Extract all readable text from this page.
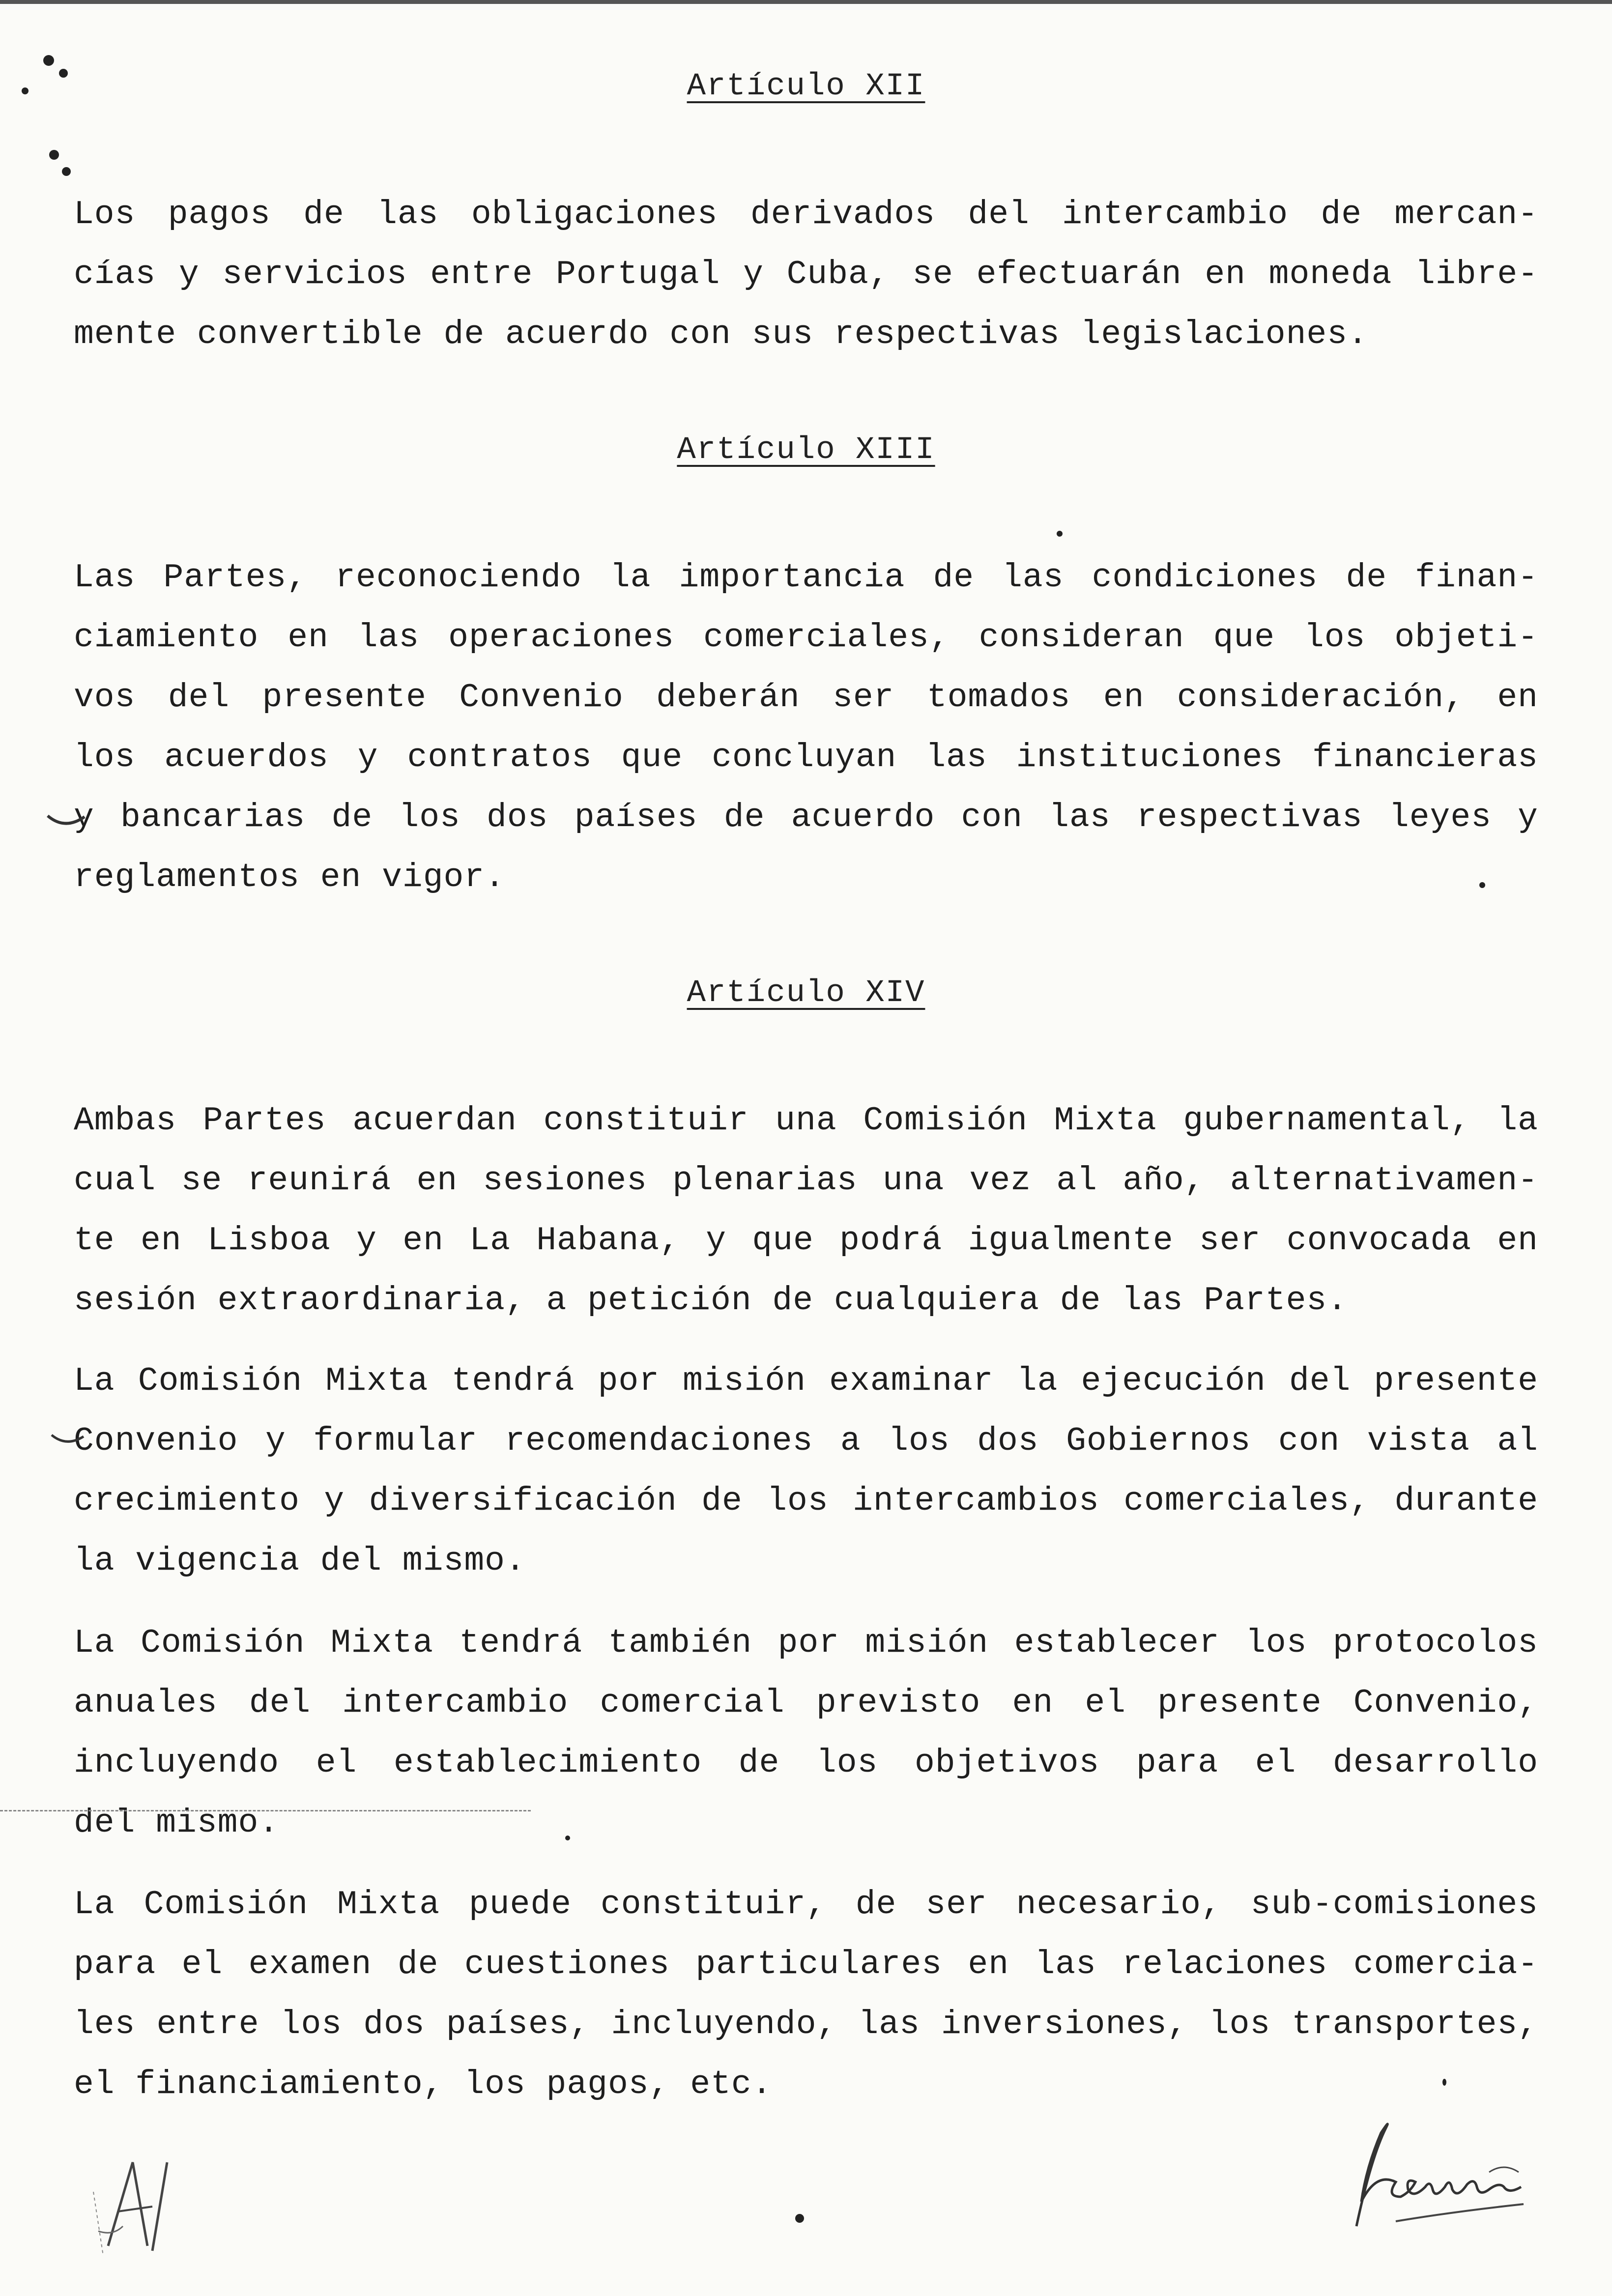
Artículo XII
Los pagos de las obligaciones derivados del intercambio de mercan-
cías y servicios entre Portugal y Cuba, se efectuarán en moneda libre-
mente convertible de acuerdo con sus respectivas legislaciones.
Artículo XIII
Las Partes, reconociendo la importancia de las condiciones de finan-
ciamiento en las operaciones comerciales, consideran que los objeti-
vos del presente Convenio deberán ser tomados en consideración, en
los acuerdos y contratos que concluyan las instituciones financieras
y bancarias de los dos países de acuerdo con las respectivas leyes y
reglamentos en vigor.
Artículo XIV
Ambas Partes acuerdan constituir una Comisión Mixta gubernamental, la
cual se reunirá en sesiones plenarias una vez al año, alternativamen-
te en Lisboa y en La Habana, y que podrá igualmente ser convocada en
sesión extraordinaria, a petición de cualquiera de las Partes.
La Comisión Mixta tendrá por misión examinar la ejecución del presente
Convenio y formular recomendaciones a los dos Gobiernos con vista al
crecimiento y diversificación de los intercambios comerciales, durante
la vigencia del mismo.
La Comisión Mixta tendrá también por misión establecer los protocolos
anuales del intercambio comercial previsto en el presente Convenio,
incluyendo el establecimiento de los objetivos para el desarrollo
del mismo.
La Comisión Mixta puede constituir, de ser necesario, sub-comisiones
para el examen de cuestiones particulares en las relaciones comercia-
les entre los dos países, incluyendo, las inversiones, los transportes,
el financiamiento, los pagos, etc.
